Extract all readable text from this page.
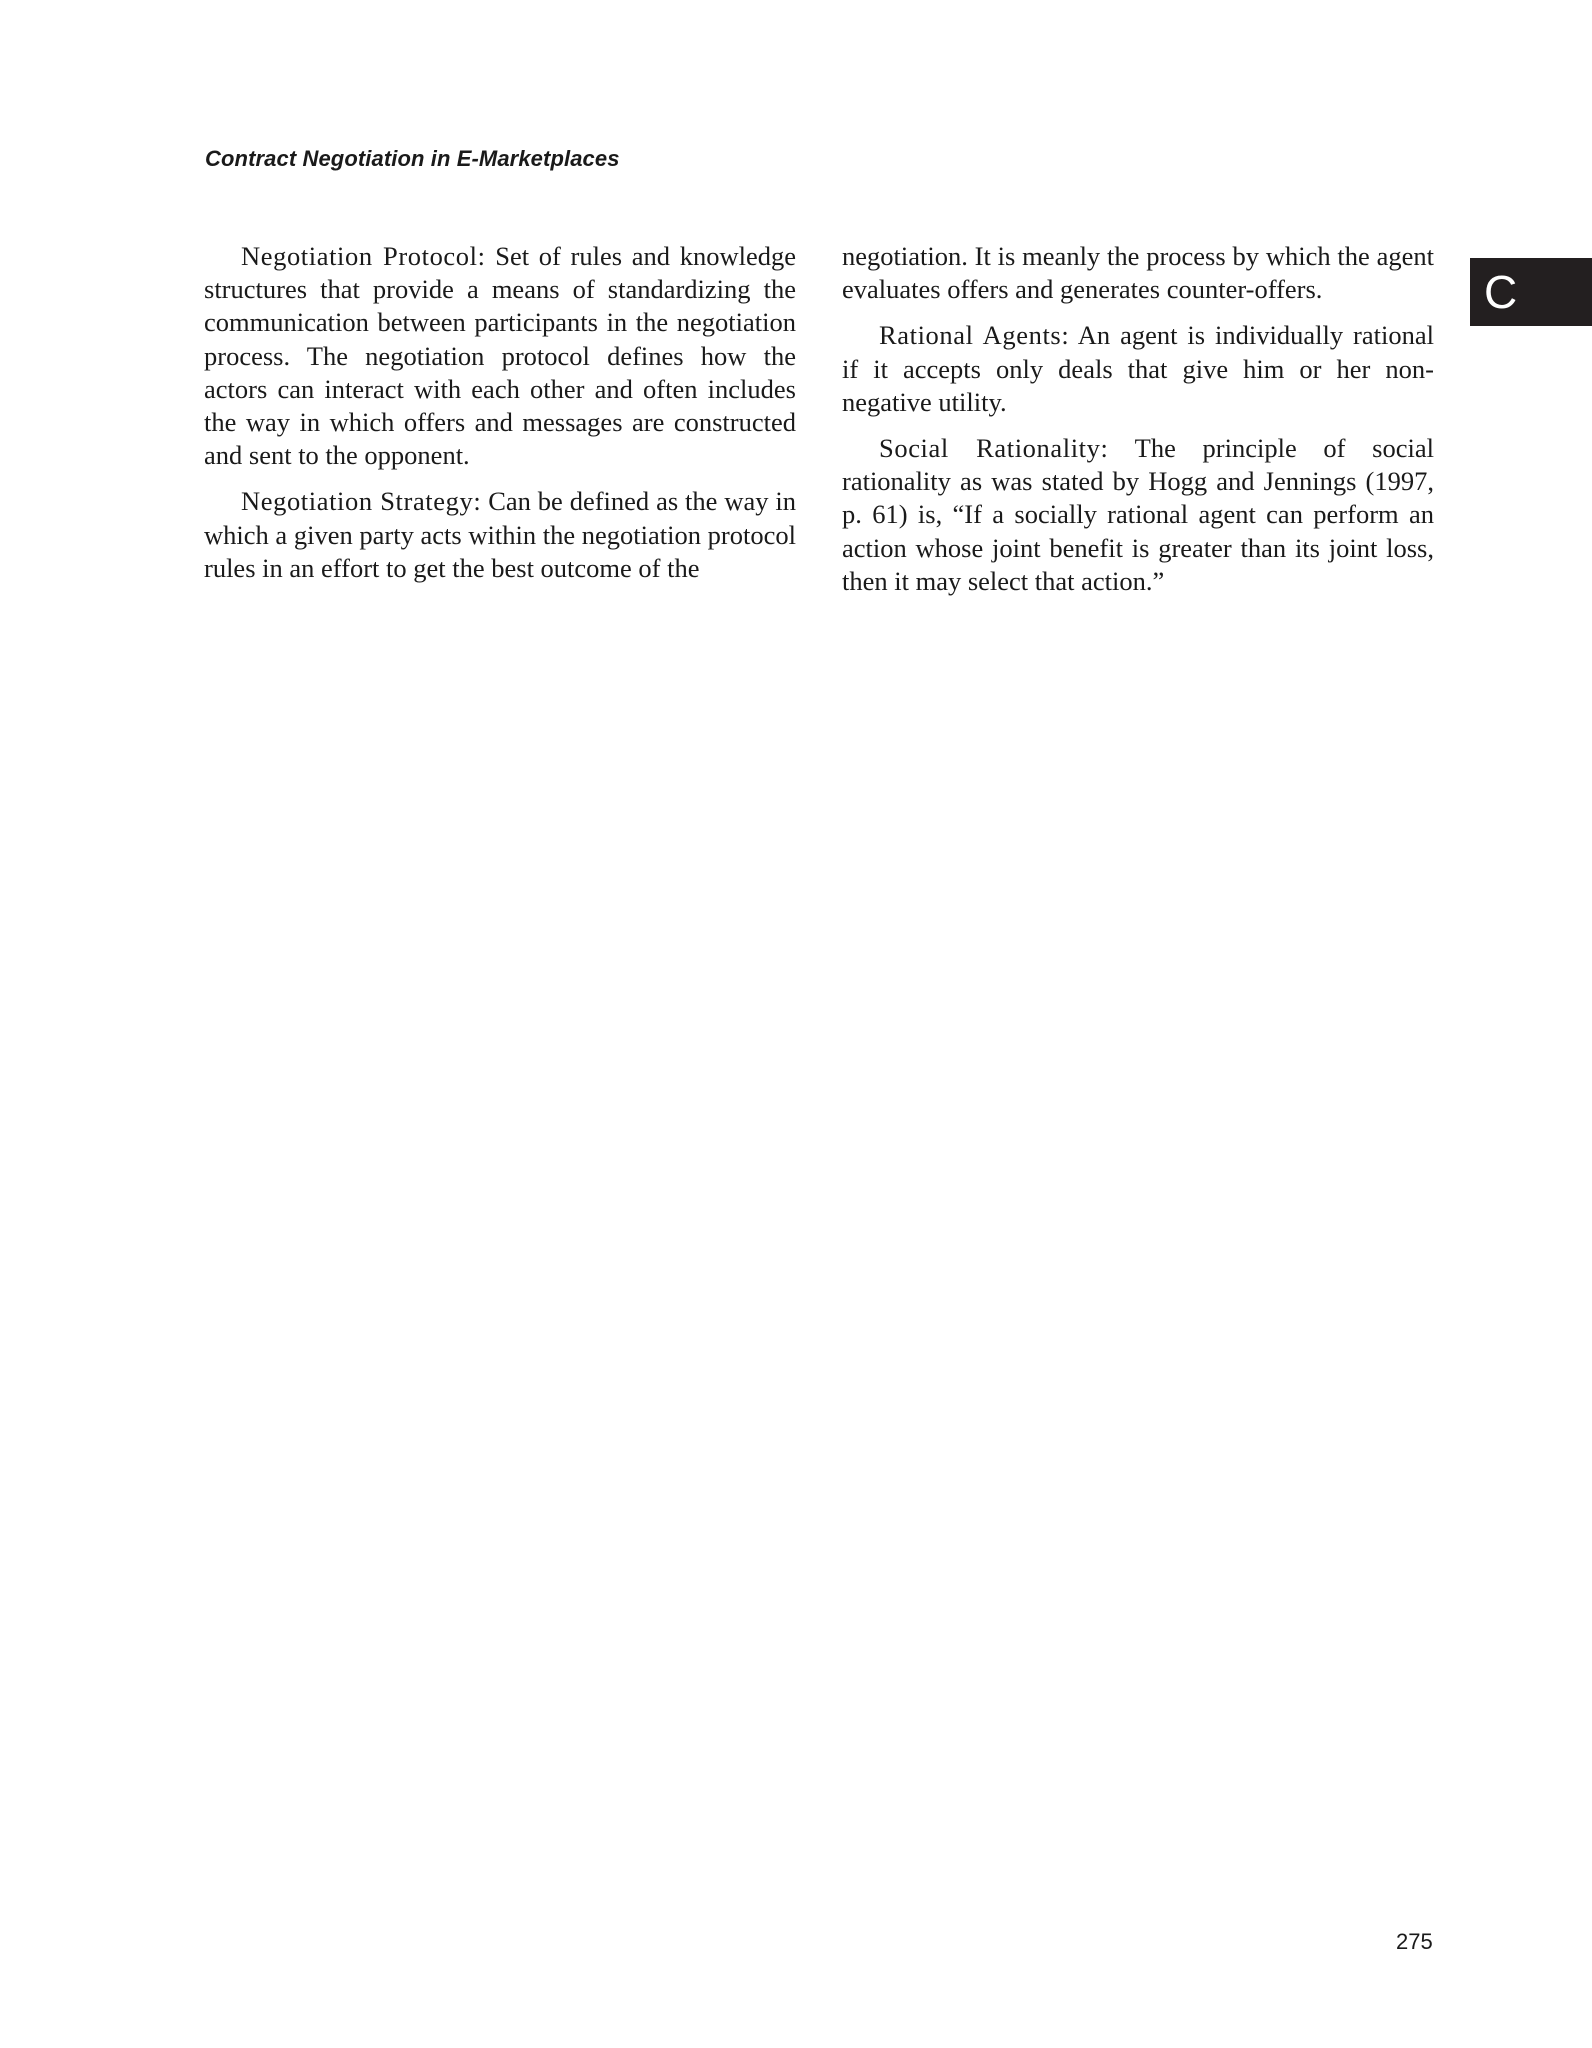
Contract Negotiation in E-Marketplaces
C

Negotiation Protocol: Set of rules and knowledge structures that provide a means of standardizing the communication between participants in the negotiation process. The negotiation protocol defines how the actors can interact with each other and often includes the way in which offers and messages are constructed and sent to the opponent.

Negotiation Strategy: Can be defined as the way in which a given party acts within the negotiation protocol rules in an effort to get the best outcome of the

negotiation. It is meanly the process by which the agent evaluates offers and generates counter-offers.

Rational Agents: An agent is individually rational if it accepts only deals that give him or her non-negative utility.

Social Rationality: The principle of social rationality as was stated by Hogg and Jennings (1997, p. 61) is, “If a socially rational agent can perform an action whose joint benefit is greater than its joint loss, then it may select that action.”

275
